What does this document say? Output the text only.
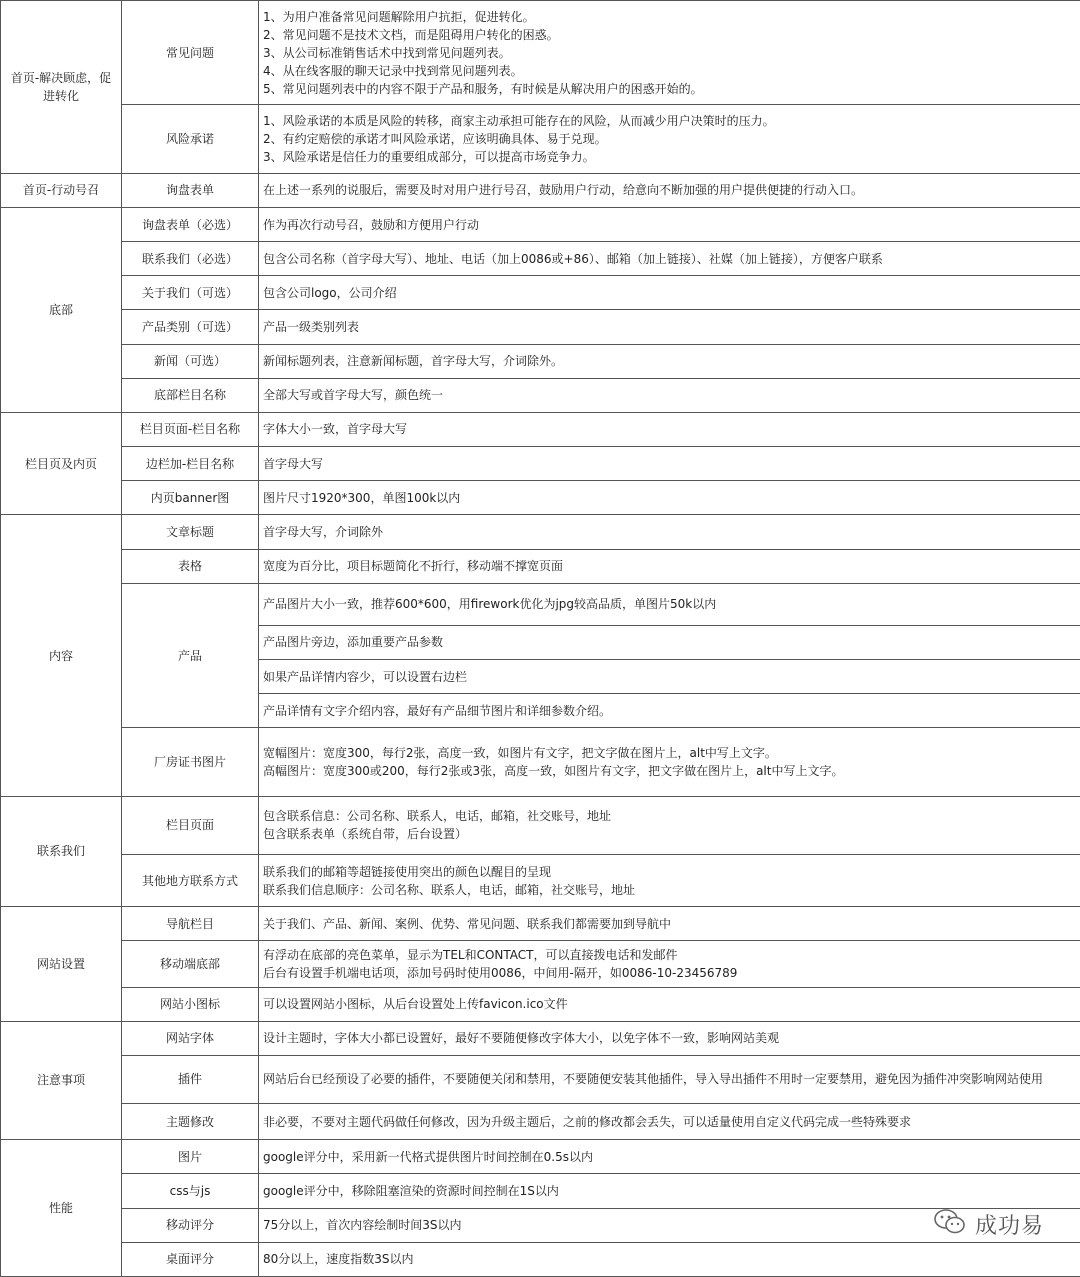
首页-解决顾虑，促进转化	常见问题	1、为用户准备常见问题解除用户抗拒，促进转化。
2、常见问题不是技术文档，而是阻碍用户转化的困惑。
3、从公司标准销售话术中找到常见问题列表。
4、从在线客服的聊天记录中找到常见问题列表。
5、常见问题列表中的内容不限于产品和服务，有时候是从解决用户的困惑开始的。

	风险承诺	1、风险承诺的本质是风险的转移，商家主动承担可能存在的风险，从而减少用户决策时的压力。
2、有约定赔偿的承诺才叫风险承诺，应该明确具体、易于兑现。
3、风险承诺是信任力的重要组成部分，可以提高市场竞争力。

首页-行动号召	询盘表单	在上述一系列的说服后，需要及时对用户进行号召，鼓励用户行动，给意向不断加强的用户提供便捷的行动入口。

底部	询盘表单（必选）	作为再次行动号召，鼓励和方便用户行动

	联系我们（必选）	包含公司名称（首字母大写）、地址、电话（加上0086或+86）、邮箱（加上链接）、社媒（加上链接），方便客户联系

	关于我们（可选）	包含公司logo，公司介绍

	产品类别（可选）	产品一级类别列表

	新闻（可选）	新闻标题列表，注意新闻标题，首字母大写，介词除外。

	底部栏目名称	全部大写或首字母大写，颜色统一

栏目页及内页	栏目页面-栏目名称	字体大小一致，首字母大写

	边栏加-栏目名称	首字母大写

	内页banner图	图片尺寸1920*300，单图100k以内

内容	文章标题	首字母大写，介词除外

	表格	宽度为百分比，项目标题简化不折行，移动端不撑宽页面

	产品	产品图片大小一致，推荐600*600，用firework优化为jpg较高品质，单图片50k以内

		产品图片旁边，添加重要产品参数

		如果产品详情内容少，可以设置右边栏

		产品详情有文字介绍内容，最好有产品细节图片和详细参数介绍。

	厂房证书图片	宽幅图片：宽度300，每行2张，高度一致，如图片有文字，把文字做在图片上，alt中写上文字。
高幅图片：宽度300或200，每行2张或3张，高度一致，如图片有文字，把文字做在图片上，alt中写上文字。

联系我们	栏目页面	包含联系信息：公司名称、联系人，电话，邮箱，社交账号，地址
包含联系表单（系统自带，后台设置）

	其他地方联系方式	联系我们的邮箱等超链接使用突出的颜色以醒目的呈现
联系我们信息顺序：公司名称、联系人，电话，邮箱，社交账号，地址

网站设置	导航栏目	关于我们、产品、新闻、案例、优势、常见问题、联系我们都需要加到导航中

	移动端底部	有浮动在底部的亮色菜单，显示为TEL和CONTACT，可以直接拨电话和发邮件
后台有设置手机端电话项，添加号码时使用0086，中间用-隔开，如0086-10-23456789

	网站小图标	可以设置网站小图标，从后台设置处上传favicon.ico文件

注意事项	网站字体	设计主题时，字体大小都已设置好，最好不要随便修改字体大小，以免字体不一致，影响网站美观

	插件	网站后台已经预设了必要的插件，不要随便关闭和禁用，不要随便安装其他插件，导入导出插件不用时一定要禁用，避免因为插件冲突影响网站使用

	主题修改	非必要，不要对主题代码做任何修改，因为升级主题后，之前的修改都会丢失，可以适量使用自定义代码完成一些特殊要求

性能	图片	google评分中，采用新一代格式提供图片时间控制在0.5s以内

	css与js	google评分中，移除阻塞渲染的资源时间控制在1S以内

	移动评分	75分以上，首次内容绘制时间3S以内

	桌面评分	80分以上，速度指数3S以内
成功易
